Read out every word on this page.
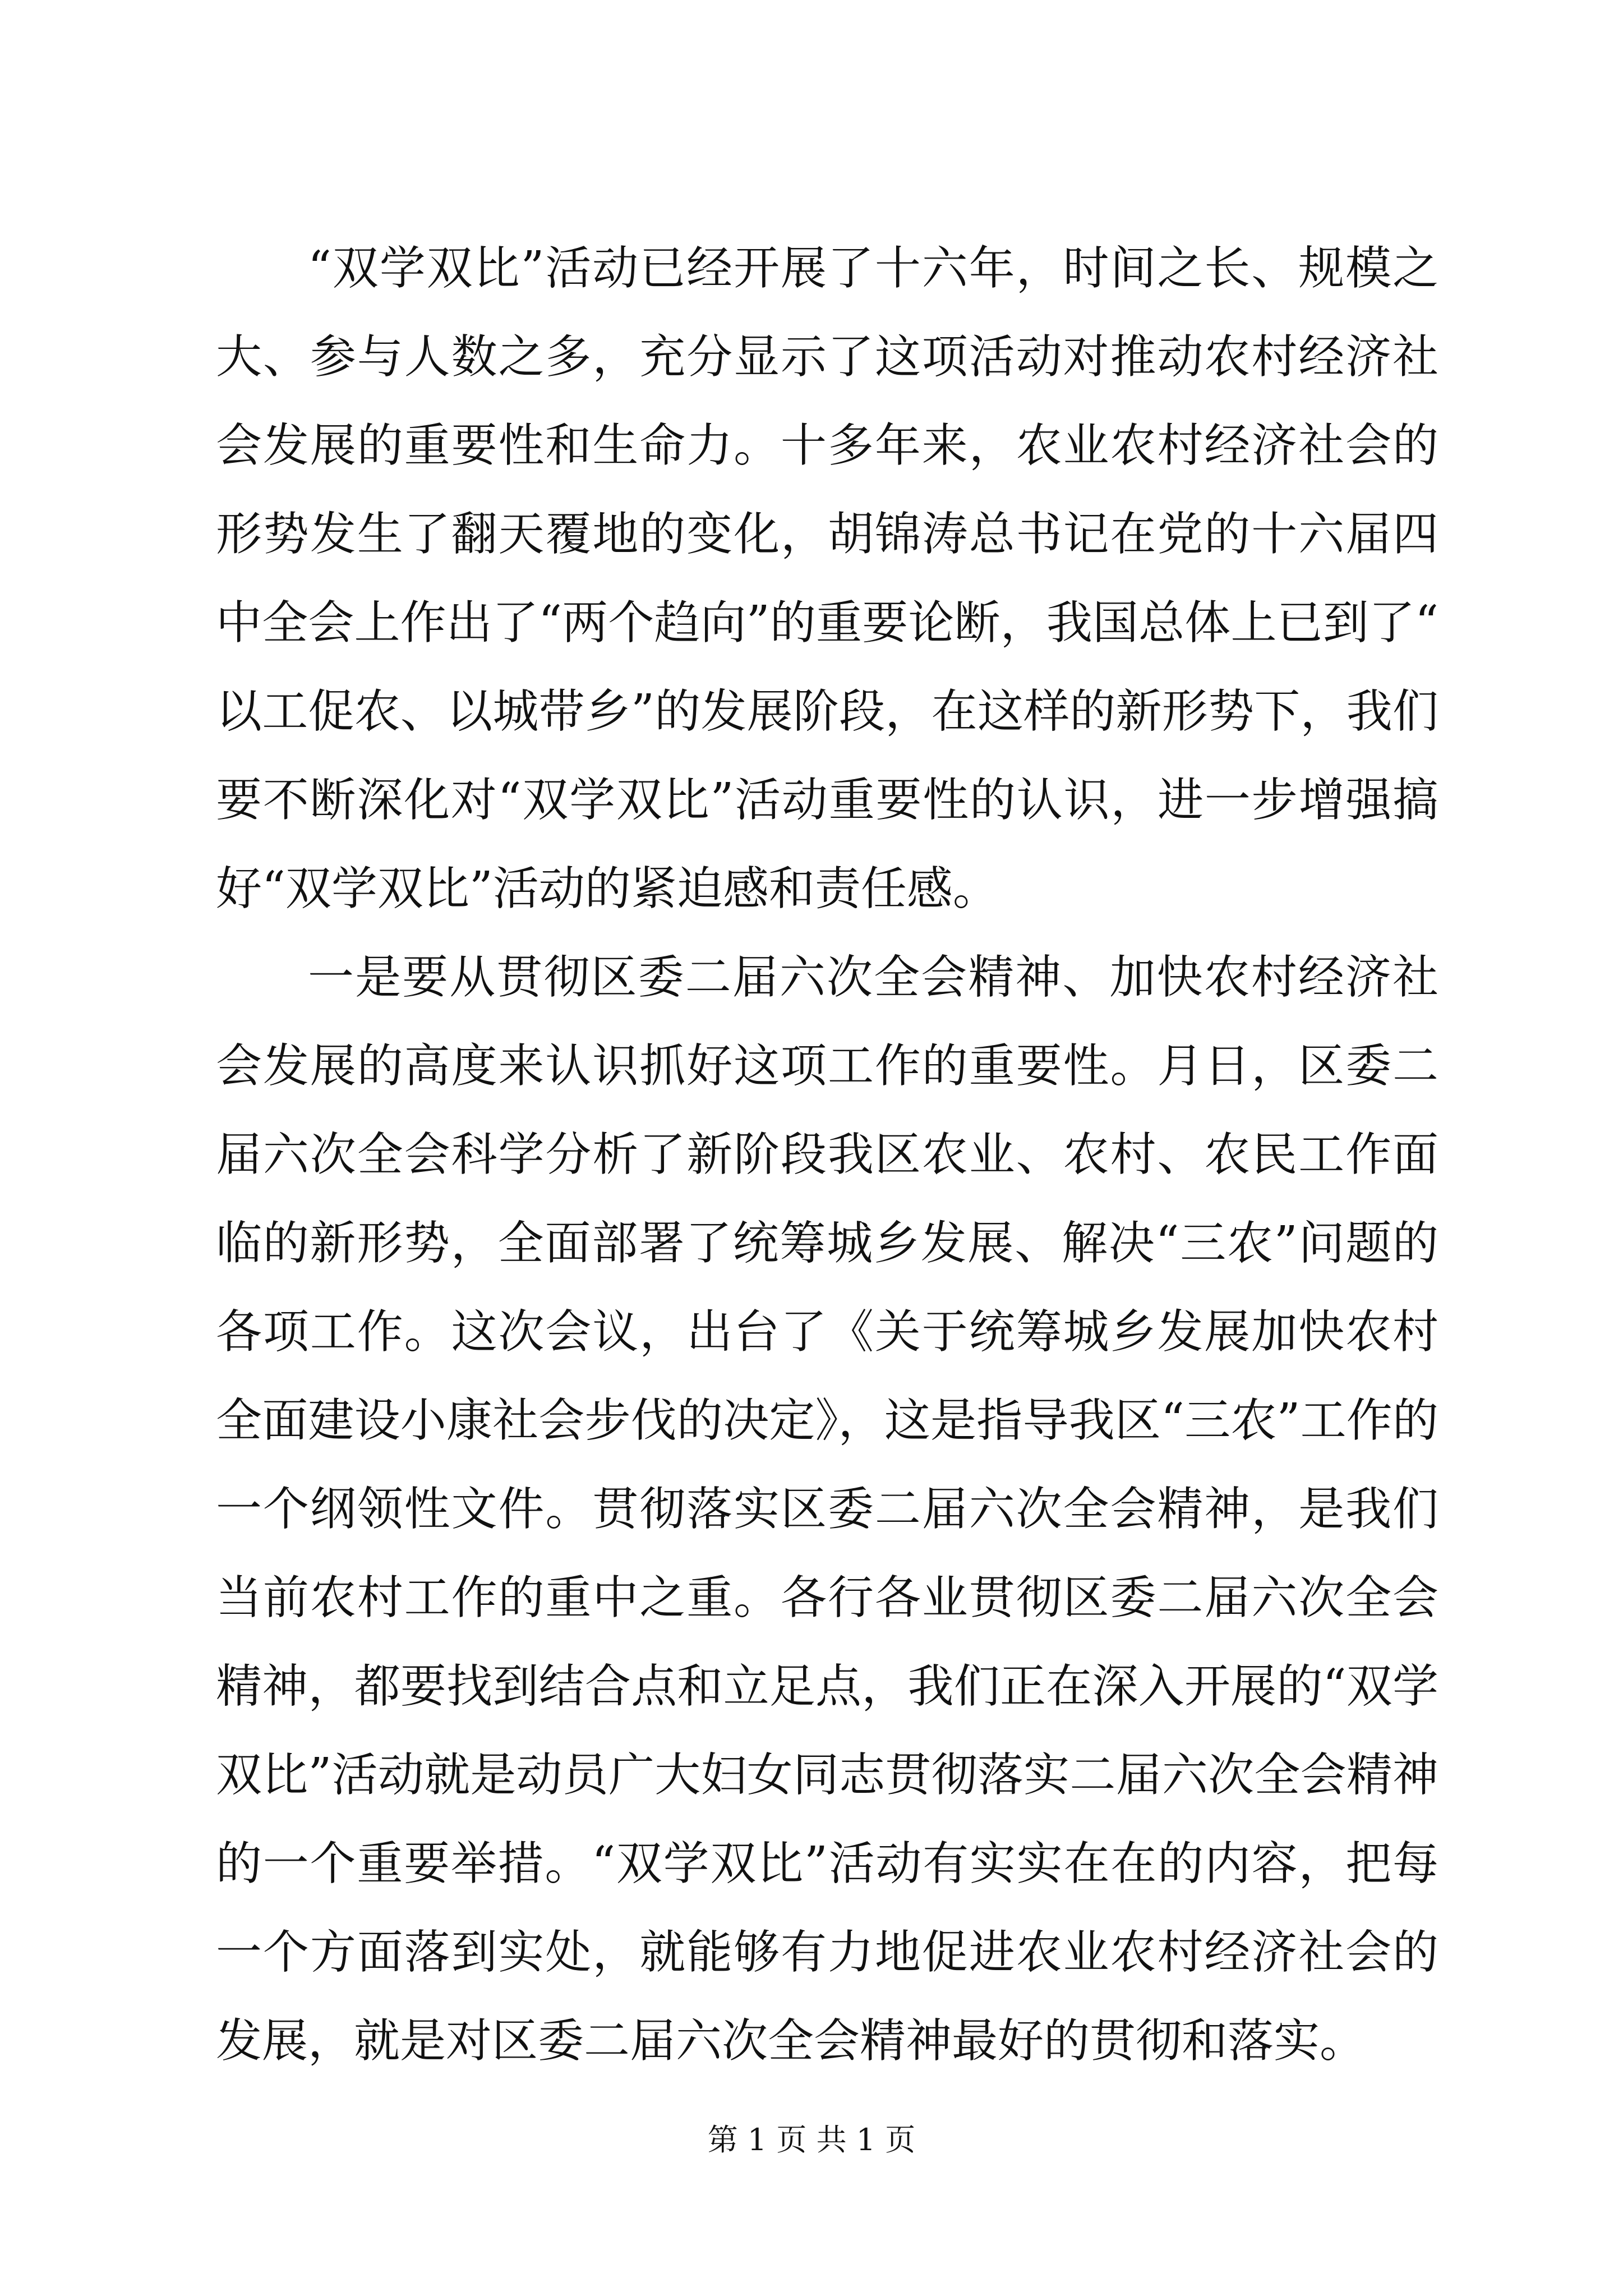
“双学双比”活动已经开展了十六年，时间之长、规模之大、参与人数之多，充分显示了这项活动对推动农村经济社会发展的重要性和生命力。十多年来，农业农村经济社会的形势发生了翻天覆地的变化，胡锦涛总书记在党的十六届四中全会上作出了“两个趋向”的重要论断，我国总体上已到了“以工促农、以城带乡”的发展阶段，在这样的新形势下，我们要不断深化对“双学双比”活动重要性的认识，进一步增强搞好“双学双比”活动的紧迫感和责任感。

一是要从贯彻区委二届六次全会精神、加快农村经济社会发展的高度来认识抓好这项工作的重要性。月日，区委二届六次全会科学分析了新阶段我区农业、农村、农民工作面临的新形势，全面部署了统筹城乡发展、解决“三农”问题的各项工作。这次会议，出台了《关于统筹城乡发展加快农村全面建设小康社会步伐的决定》，这是指导我区“三农”工作的一个纲领性文件。贯彻落实区委二届六次全会精神，是我们当前农村工作的重中之重。各行各业贯彻区委二届六次全会精神，都要找到结合点和立足点，我们正在深入开展的“双学双比”活动就是动员广大妇女同志贯彻落实二届六次全会精神的一个重要举措。“双学双比”活动有实实在在的内容，把每一个方面落到实处，就能够有力地促进农业农村经济社会的发展，就是对区委二届六次全会精神最好的贯彻和落实。

第 1 页 共 1 页
